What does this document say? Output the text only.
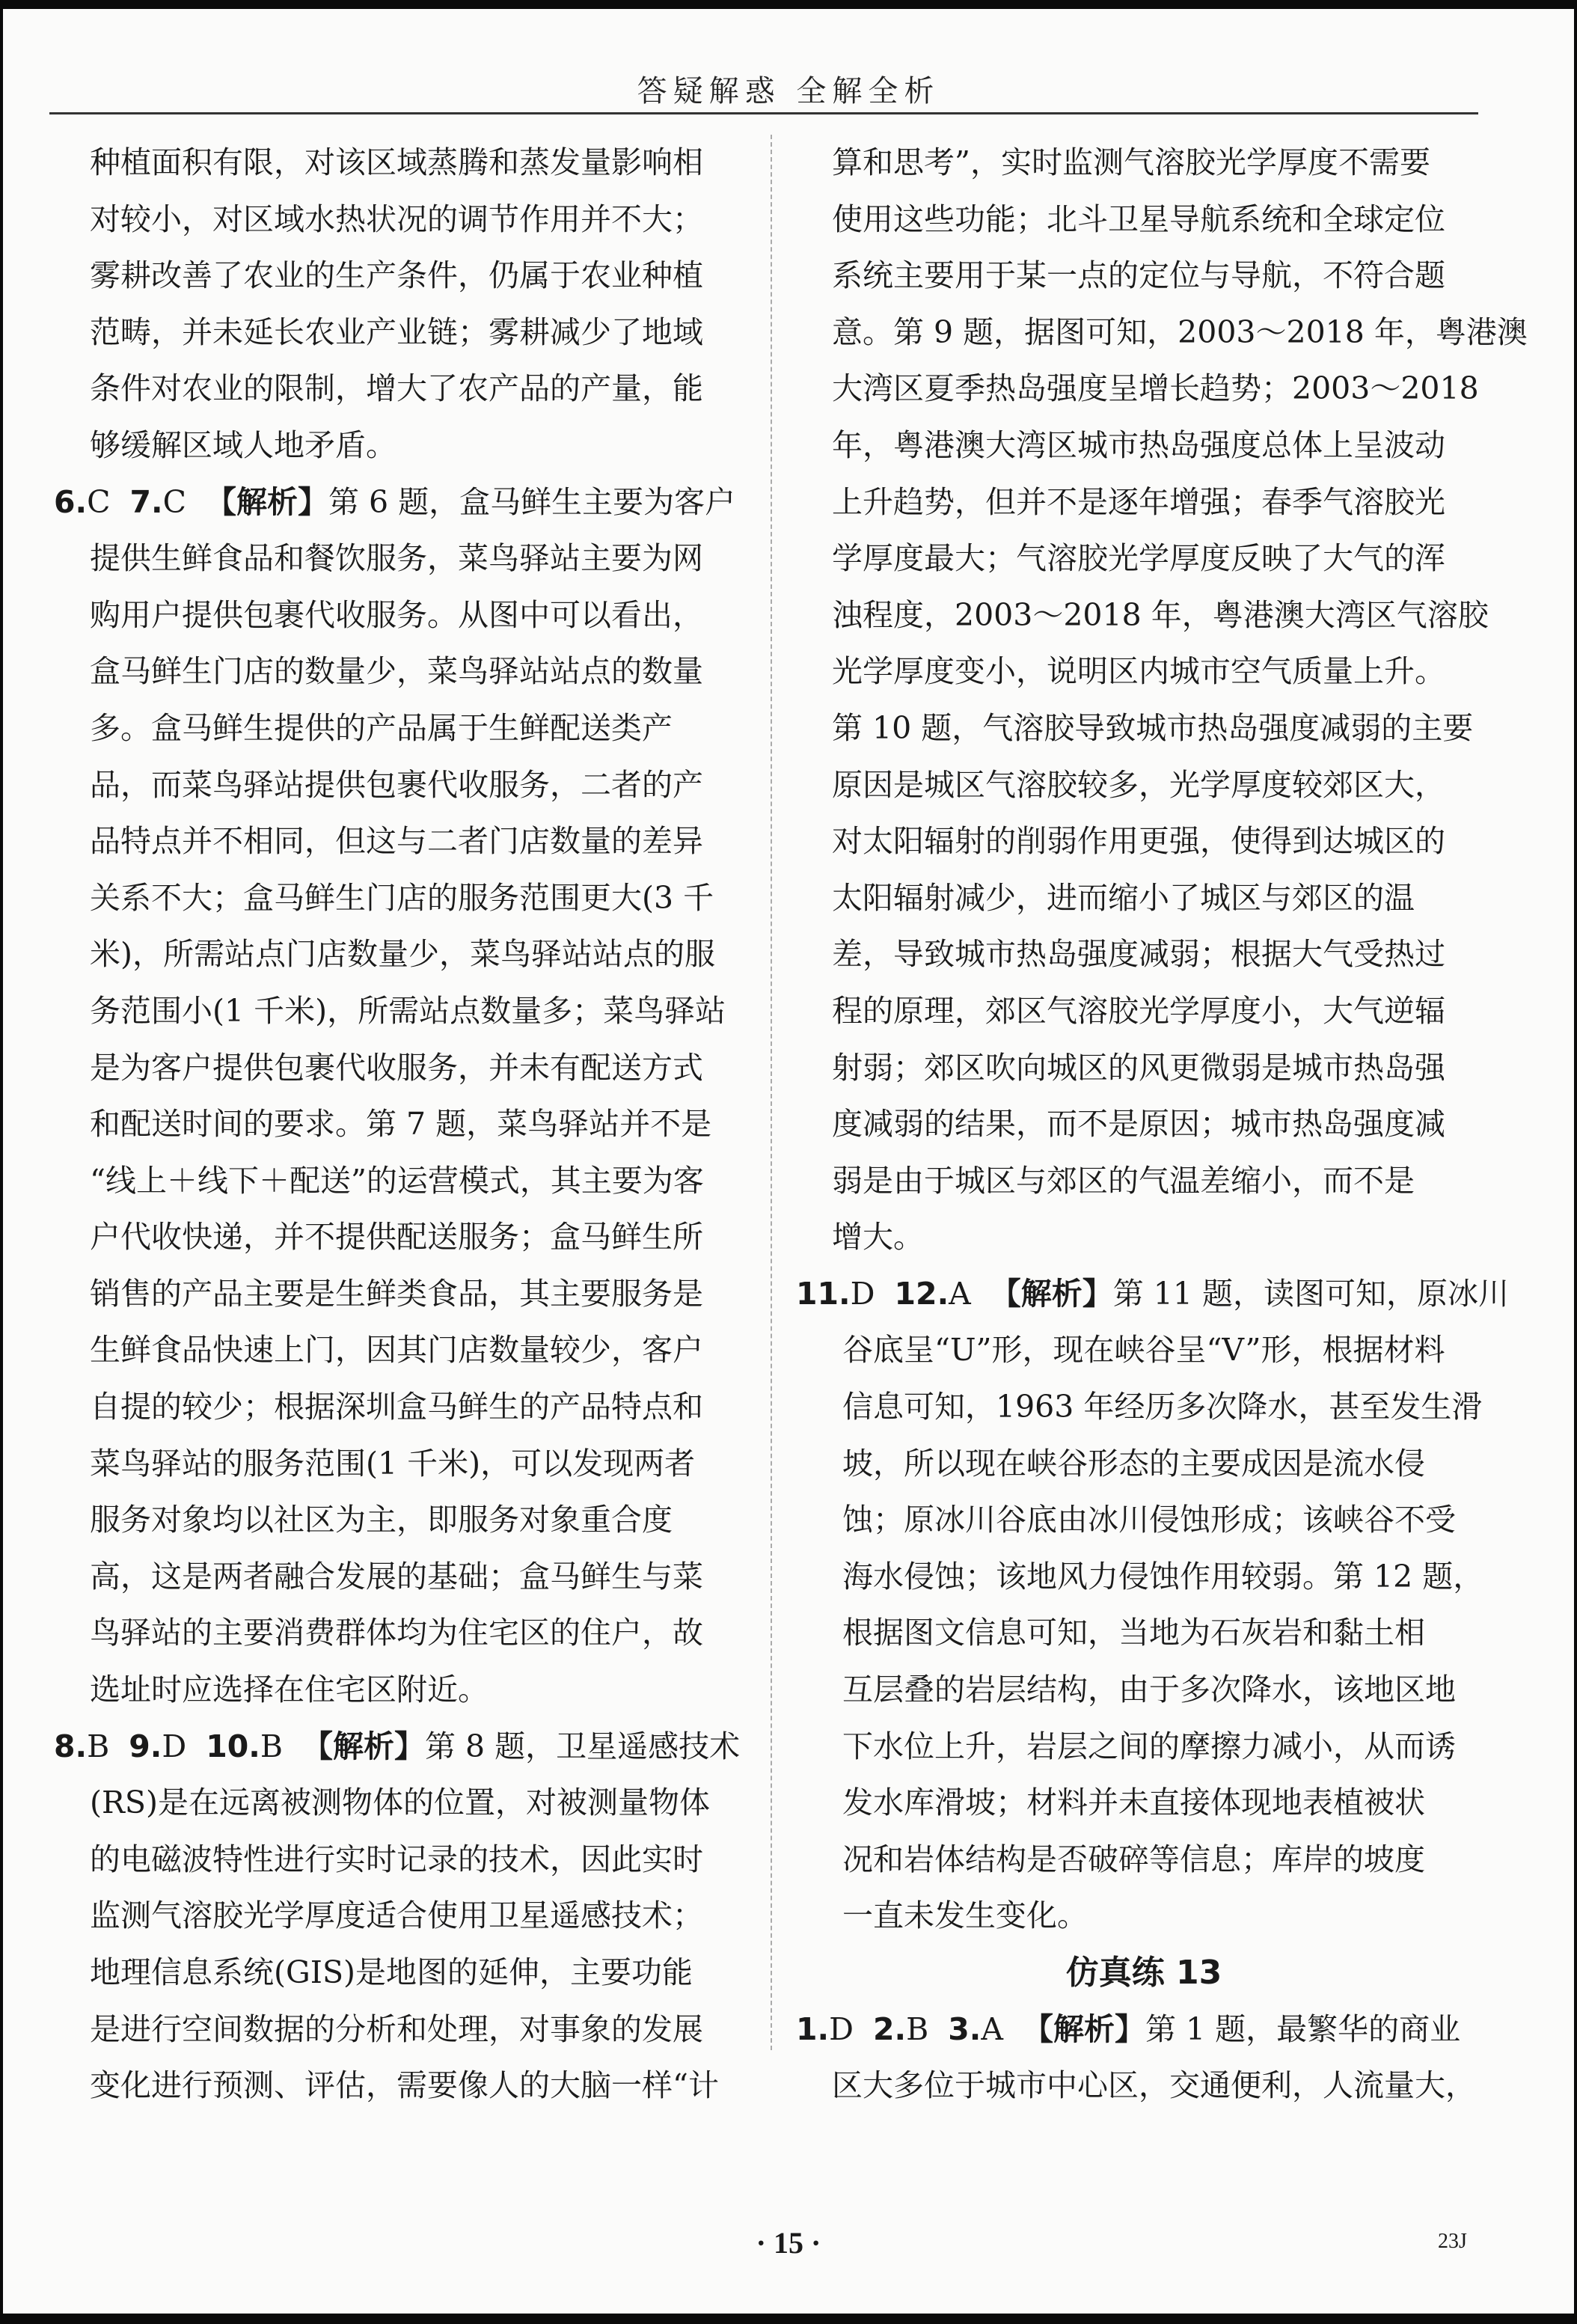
答疑解惑 全解全析
种植面积有限，对该区域蒸腾和蒸发量影响相
对较小，对区域水热状况的调节作用并不大；
雾耕改善了农业的生产条件，仍属于农业种植
范畴，并未延长农业产业链；雾耕减少了地域
条件对农业的限制，增大了农产品的产量，能
够缓解区域人地矛盾。
6.C 7.C 【解析】第 6 题，盒马鲜生主要为客户
提供生鲜食品和餐饮服务，菜鸟驿站主要为网
购用户提供包裹代收服务。从图中可以看出，
盒马鲜生门店的数量少，菜鸟驿站站点的数量
多。盒马鲜生提供的产品属于生鲜配送类产
品，而菜鸟驿站提供包裹代收服务，二者的产
品特点并不相同，但这与二者门店数量的差异
关系不大；盒马鲜生门店的服务范围更大(3 千
米)，所需站点门店数量少，菜鸟驿站站点的服
务范围小(1 千米)，所需站点数量多；菜鸟驿站
是为客户提供包裹代收服务，并未有配送方式
和配送时间的要求。第 7 题，菜鸟驿站并不是
“线上＋线下＋配送”的运营模式，其主要为客
户代收快递，并不提供配送服务；盒马鲜生所
销售的产品主要是生鲜类食品，其主要服务是
生鲜食品快速上门，因其门店数量较少，客户
自提的较少；根据深圳盒马鲜生的产品特点和
菜鸟驿站的服务范围(1 千米)，可以发现两者
服务对象均以社区为主，即服务对象重合度
高，这是两者融合发展的基础；盒马鲜生与菜
鸟驿站的主要消费群体均为住宅区的住户，故
选址时应选择在住宅区附近。
8.B 9.D 10.B 【解析】第 8 题，卫星遥感技术
(RS)是在远离被测物体的位置，对被测量物体
的电磁波特性进行实时记录的技术，因此实时
监测气溶胶光学厚度适合使用卫星遥感技术；
地理信息系统(GIS)是地图的延伸，主要功能
是进行空间数据的分析和处理，对事象的发展
变化进行预测、评估，需要像人的大脑一样“计
算和思考”，实时监测气溶胶光学厚度不需要
使用这些功能；北斗卫星导航系统和全球定位
系统主要用于某一点的定位与导航，不符合题
意。第 9 题，据图可知，2003～2018 年，粤港澳
大湾区夏季热岛强度呈增长趋势；2003～2018
年，粤港澳大湾区城市热岛强度总体上呈波动
上升趋势，但并不是逐年增强；春季气溶胶光
学厚度最大；气溶胶光学厚度反映了大气的浑
浊程度，2003～2018 年，粤港澳大湾区气溶胶
光学厚度变小，说明区内城市空气质量上升。
第 10 题，气溶胶导致城市热岛强度减弱的主要
原因是城区气溶胶较多，光学厚度较郊区大，
对太阳辐射的削弱作用更强，使得到达城区的
太阳辐射减少，进而缩小了城区与郊区的温
差，导致城市热岛强度减弱；根据大气受热过
程的原理，郊区气溶胶光学厚度小，大气逆辐
射弱；郊区吹向城区的风更微弱是城市热岛强
度减弱的结果，而不是原因；城市热岛强度减
弱是由于城区与郊区的气温差缩小，而不是
增大。
11.D 12.A 【解析】第 11 题，读图可知，原冰川
谷底呈“U”形，现在峡谷呈“V”形，根据材料
信息可知，1963 年经历多次降水，甚至发生滑
坡，所以现在峡谷形态的主要成因是流水侵
蚀；原冰川谷底由冰川侵蚀形成；该峡谷不受
海水侵蚀；该地风力侵蚀作用较弱。第 12 题，
根据图文信息可知，当地为石灰岩和黏土相
互层叠的岩层结构，由于多次降水，该地区地
下水位上升，岩层之间的摩擦力减小，从而诱
发水库滑坡；材料并未直接体现地表植被状
况和岩体结构是否破碎等信息；库岸的坡度
一直未发生变化。
仿真练 13
1.D 2.B 3.A 【解析】第 1 题，最繁华的商业
区大多位于城市中心区，交通便利，人流量大，
· 15 ·	23J
